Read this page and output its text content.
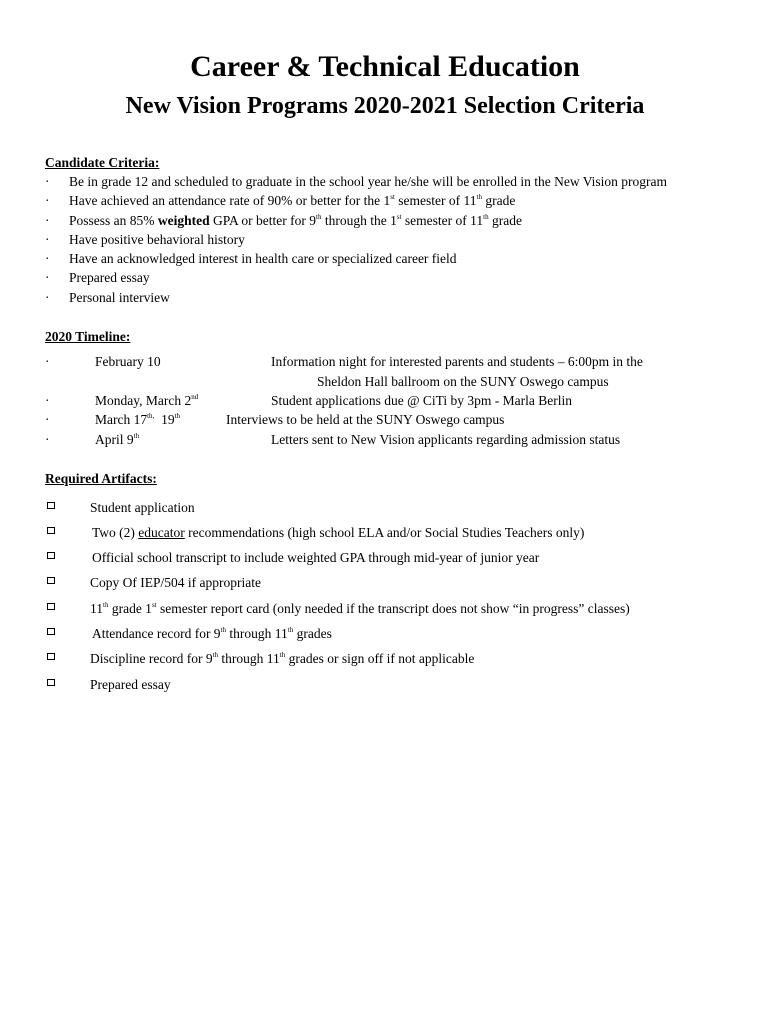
Career & Technical Education
New Vision Programs 2020-2021 Selection Criteria
Candidate Criteria:
·	Be in grade 12 and scheduled to graduate in the school year he/she will be enrolled in the New Vision program
·	Have achieved an attendance rate of 90% or better for the 1st semester of 11th grade
·	Possess an 85% weighted GPA or better for 9th through the 1st semester of 11th grade
·	Have positive behavioral history
·	Have an acknowledged interest in health care or specialized career field
·	Prepared essay
·	Personal interview
2020 Timeline:
·	February 10	Information night for interested parents and students – 6:00pm in the
Sheldon Hall ballroom on the SUNY Oswego campus
·	Monday, March 2nd	Student applications due @ CiTi by 3pm - Marla Berlin
·	March $17^{th,}$  19th	Interviews to be held at the SUNY Oswego campus
·	April 9th	Letters sent to New Vision applicants regarding admission status
Required Artifacts:
Student application
Two (2) educator recommendations (high school ELA and/or Social Studies Teachers only)
Official school transcript to include weighted GPA through mid-year of junior year
Copy Of IEP/504 if appropriate
11th grade 1st semester report card (only needed if the transcript does not show “in progress” classes)
Attendance record for 9th through 11th grades
Discipline record for 9th through 11th grades or sign off if not applicable
Prepared essay
